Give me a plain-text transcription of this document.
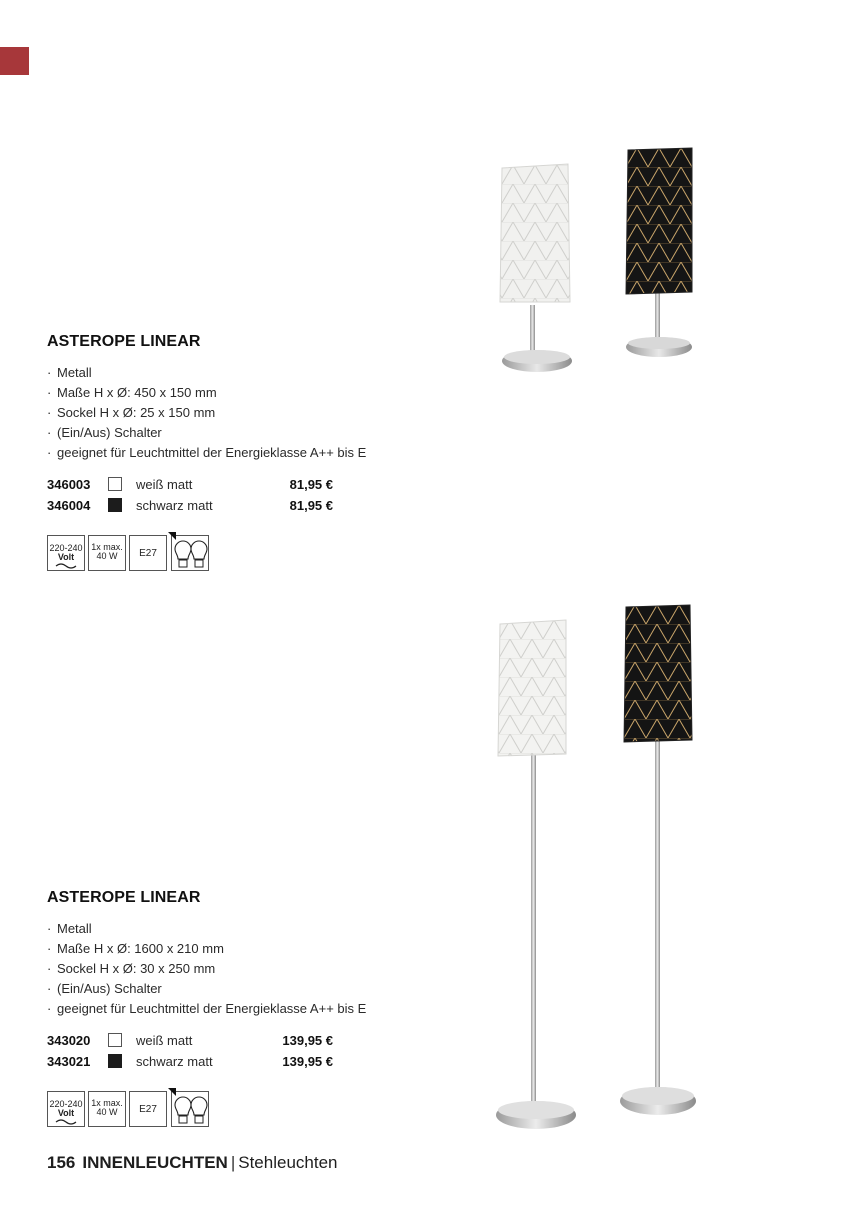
ASTEROPE LINEAR
· Metall
· Maße H x Ø: 450 x 150 mm
· Sockel H x Ø: 25 x 150 mm
· (Ein/Aus) Schalter
· geeignet für Leuchtmittel der Energieklasse A++ bis E
346003	weiß matt	81,95 €
346004	schwarz matt	81,95 €
220-240
Volt
1x max.
40 W	E27
ASTEROPE LINEAR
· Metall
· Maße H x Ø: 1600 x 210 mm
· Sockel H x Ø: 30 x 250 mm
· (Ein/Aus) Schalter
· geeignet für Leuchtmittel der Energieklasse A++ bis E
343020	weiß matt	139,95 €
343021	schwarz matt	139,95 €
220-240
Volt
1x max.
40 W	E27
156 INNENLEUCHTEN | Stehleuchten
